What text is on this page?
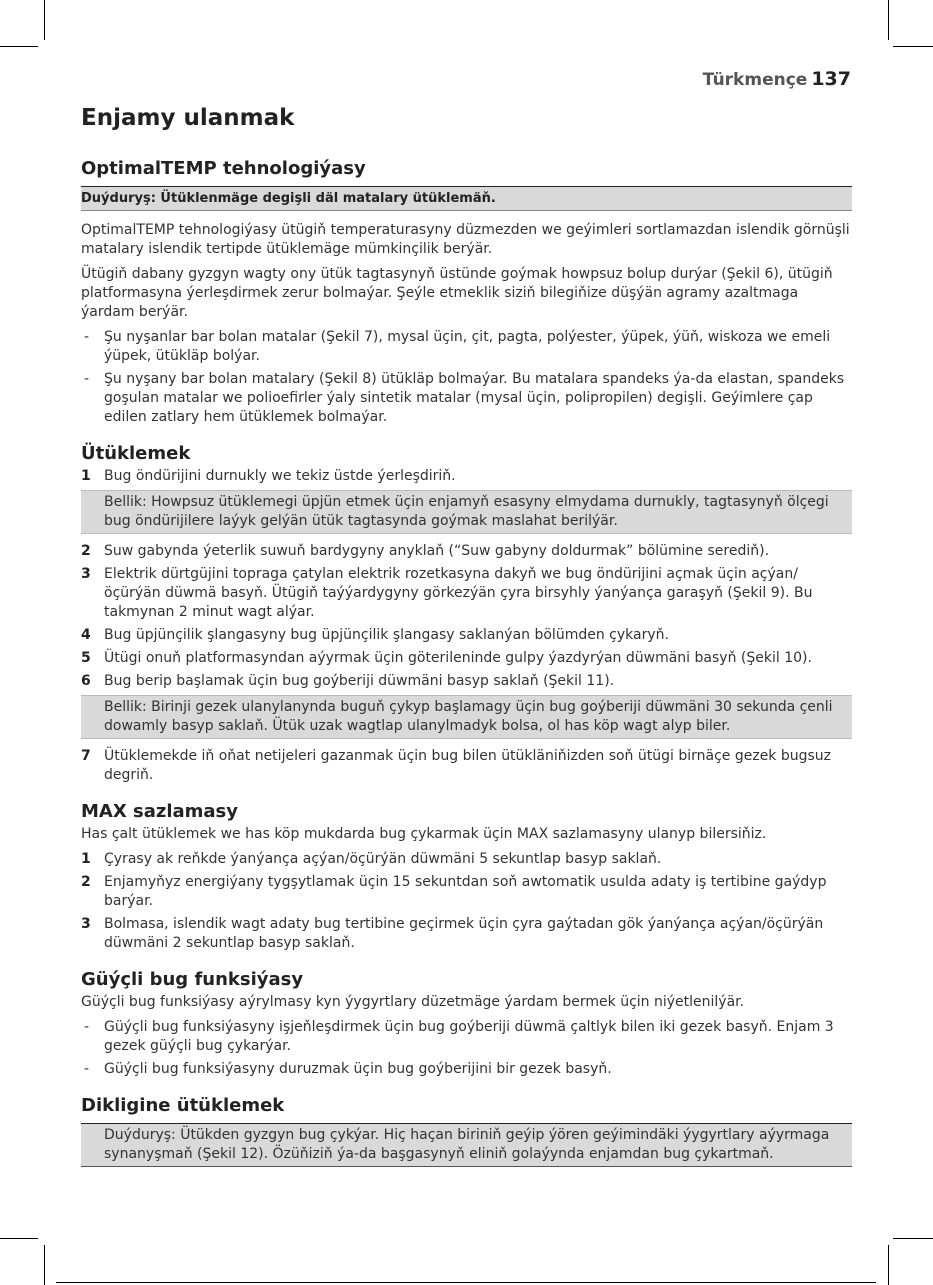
Türkmençe 137
Enjamy ulanmak
OptimalTEMP tehnologiýasy
Duýduryş: Ütüklenmäge degişli däl matalary ütüklemäň.

OptimalTEMP tehnologiýasy ütügiň temperaturasyny düzmezden we geýimleri sortlamazdan islendik görnüşli matalary islendik tertipde ütüklemäge mümkinçilik berýär.

Ütügiň dabany gyzgyn wagty ony ütük tagtasynyň üstünde goýmak howpsuz bolup durýar (Şekil 6), ütügiň platformasyna ýerleşdirmek zerur bolmaýar. Şeýle etmeklik siziň bilegiňize düşýän agramy azaltmaga ýardam berýär.

- Şu nyşanlar bar bolan matalar (Şekil 7), mysal üçin, çit, pagta, polýester, ýüpek, ýüň, wiskoza we emeli ýüpek, ütükläp bolýar.
- Şu nyşany bar bolan matalary (Şekil 8) ütükläp bolmaýar. Bu matalara spandeks ýa-da elastan, spandeks goşulan matalar we polioefirler ýaly sintetik matalar (mysal üçin, polipropilen) degişli. Geýimlere çap edilen zatlary hem ütüklemek bolmaýar.
Ütüklemek
1 Bug öndürijini durnukly we tekiz üstde ýerleşdiriň.
Bellik: Howpsuz ütüklemegi üpjün etmek üçin enjamyň esasyny elmydama durnukly, tagtasynyň ölçegi bug öndürijilere laýyk gelýän ütük tagtasynda goýmak maslahat berilýär.
2 Suw gabynda ýeterlik suwuň bardygyny anyklaň (“Suw gabyny doldurmak” bölümine serediň).
3 Elektrik dürtgüjini topraga çatylan elektrik rozetkasyna dakyň we bug öndürijini açmak üçin açýan/öçürýän düwmä basyň. Ütügiň taýýardygyny görkezýän çyra birsyhly ýanýança garaşyň (Şekil 9). Bu takmynan 2 minut wagt alýar.
4 Bug üpjünçilik şlangasyny bug üpjünçilik şlangasy saklanýan bölümden çykaryň.
5 Ütügi onuň platformasyndan aýyrmak üçin göterileninde gulpy ýazdyrýan düwmäni basyň (Şekil 10).
6 Bug berip başlamak üçin bug goýberiji düwmäni basyp saklaň (Şekil 11).
Bellik: Birinji gezek ulanylanynda buguň çykyp başlamagy üçin bug goýberiji düwmäni 30 sekunda çenli dowamly basyp saklaň. Ütük uzak wagtlap ulanylmadyk bolsa, ol has köp wagt alyp biler.
7 Ütüklemekde iň oňat netijeleri gazanmak üçin bug bilen ütükläniňizden soň ütügi birnäçe gezek bugsuz degriň.
MAX sazlamasy

Has çalt ütüklemek we has köp mukdarda bug çykarmak üçin MAX sazlamasyny ulanyp bilersiňiz.

1 Çyrasy ak reňkde ýanýança açýan/öçürýän düwmäni 5 sekuntlap basyp saklaň.
2 Enjamyňyz energiýany tygşytlamak üçin 15 sekuntdan soň awtomatik usulda adaty iş tertibine gaýdyp barýar.
3 Bolmasa, islendik wagt adaty bug tertibine geçirmek üçin çyra gaýtadan gök ýanýança açýan/öçürýän düwmäni 2 sekuntlap basyp saklaň.
Güýçli bug funksiýasy

Güýçli bug funksiýasy aýrylmasy kyn ýygyrtlary düzetmäge ýardam bermek üçin niýetlenilýär.

- Güýçli bug funksiýasyny işjeňleşdirmek üçin bug goýberiji düwmä çaltlyk bilen iki gezek basyň. Enjam 3 gezek güýçli bug çykarýar.
- Güýçli bug funksiýasyny duruzmak üçin bug goýberijini bir gezek basyň.
Dikligine ütüklemek
Duýduryş: Ütükden gyzgyn bug çykýar. Hiç haçan biriniň geýip ýören geýimindäki ýygyrtlary aýyrmaga synanyşmaň (Şekil 12). Özüňiziň ýa-da başgasynyň eliniň golaýynda enjamdan bug çykartmaň.
